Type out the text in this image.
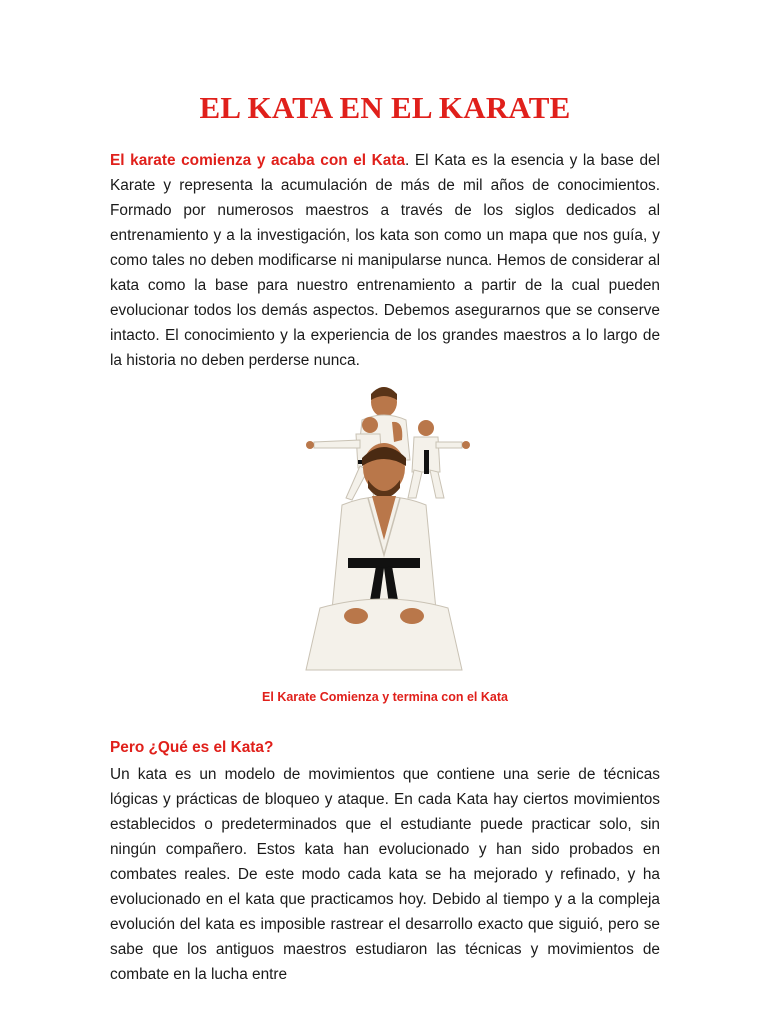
EL KATA EN EL KARATE

El karate comienza y acaba con el Kata. El Kata es la esencia y la base del Karate y representa la acumulación de más de mil años de conocimientos. Formado por numerosos maestros a través de los siglos dedicados al entrenamiento y a la investigación, los kata son como un mapa que nos guía, y como tales no deben modificarse ni manipularse nunca. Hemos de considerar al kata como la base para nuestro entrenamiento a partir de la cual pueden evolucionar todos los demás aspectos. Debemos asegurarnos que se conserve intacto. El conocimiento y la experiencia de los grandes maestros a lo largo de la historia no deben perderse nunca.

El Karate Comienza y termina con el Kata
Pero ¿Qué es el Kata?

Un kata es un modelo de movimientos que contiene una serie de técnicas lógicas y prácticas de bloqueo y ataque. En cada Kata hay ciertos movimientos establecidos o predeterminados que el estudiante puede practicar solo, sin ningún compañero. Estos kata han evolucionado y han sido probados en combates reales. De este modo cada kata se ha mejorado y refinado, y ha evolucionado en el kata que practicamos hoy. Debido al tiempo y a la compleja evolución del kata es imposible rastrear el desarrollo exacto que siguió, pero se sabe que los antiguos maestros estudiaron las técnicas y movimientos de combate en la lucha entre
